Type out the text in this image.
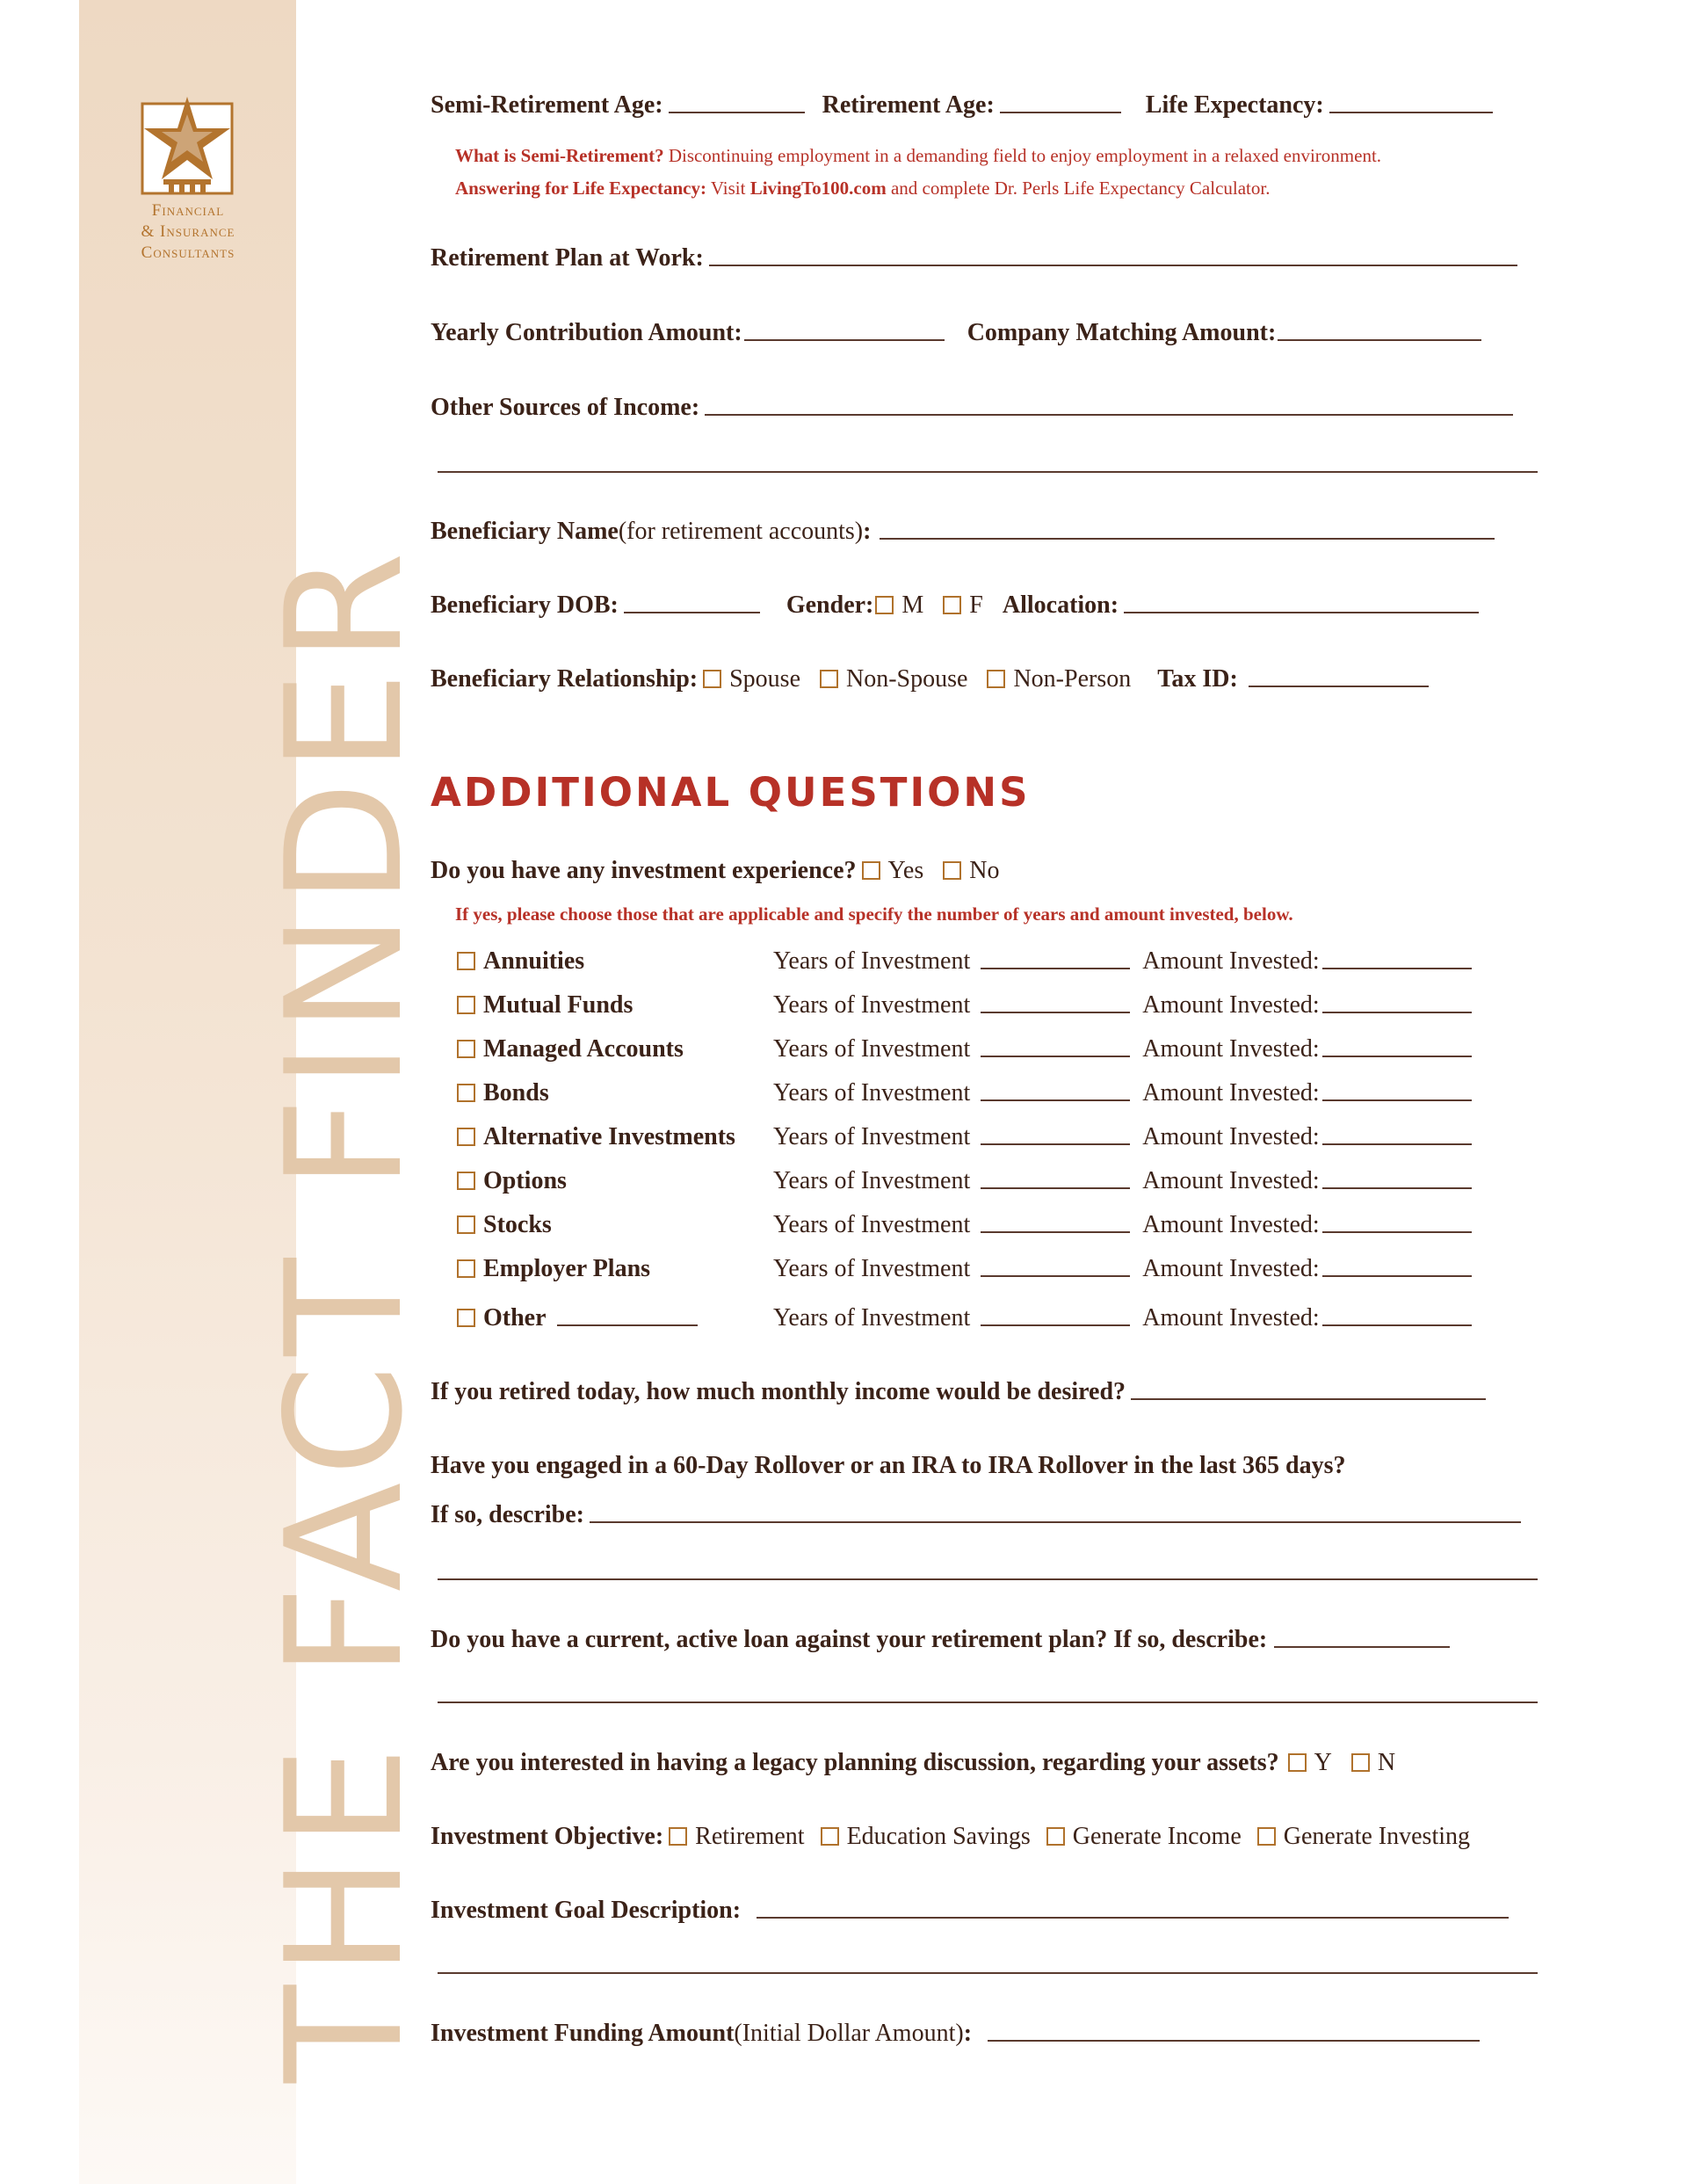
Financial
& Insurance
Consultants
THE FACT FINDER
Semi-Retirement Age:	Retirement Age:	Life Expectancy:
What is Semi-Retirement? Discontinuing employment in a demanding field to enjoy employment in a relaxed environment.
Answering for Life Expectancy: Visit LivingTo100.com and complete Dr. Perls Life Expectancy Calculator.
Retirement Plan at Work:
Yearly Contribution Amount:	Company Matching Amount:
Other Sources of Income:
Beneficiary Name (for retirement accounts) :
Beneficiary DOB:	Gender: M F Allocation:
Beneficiary Relationship: Spouse Non-Spouse Non-Person Tax ID:
ADDITIONAL QUESTIONS
Do you have any investment experience? Yes No
If yes, please choose those that are applicable and specify the number of years and amount invested, below.
Annuities	Years of Investment	Amount Invested:
Mutual Funds	Years of Investment	Amount Invested:
Managed Accounts	Years of Investment	Amount Invested:
Bonds	Years of Investment	Amount Invested:
Alternative Investments Years of Investment	Amount Invested:
Options	Years of Investment	Amount Invested:
Stocks	Years of Investment	Amount Invested:
Employer Plans	Years of Investment	Amount Invested:
Other	Years of Investment	Amount Invested:
If you retired today, how much monthly income would be desired?
Have you engaged in a 60-Day Rollover or an IRA to IRA Rollover in the last 365 days?
If so, describe:
Do you have a current, active loan against your retirement plan? If so, describe:
Are you interested in having a legacy planning discussion, regarding your assets? Y N
Investment Objective: Retirement Education Savings Generate Income Generate Investing
Investment Goal Description:
Investment Funding Amount (Initial Dollar Amount) :
